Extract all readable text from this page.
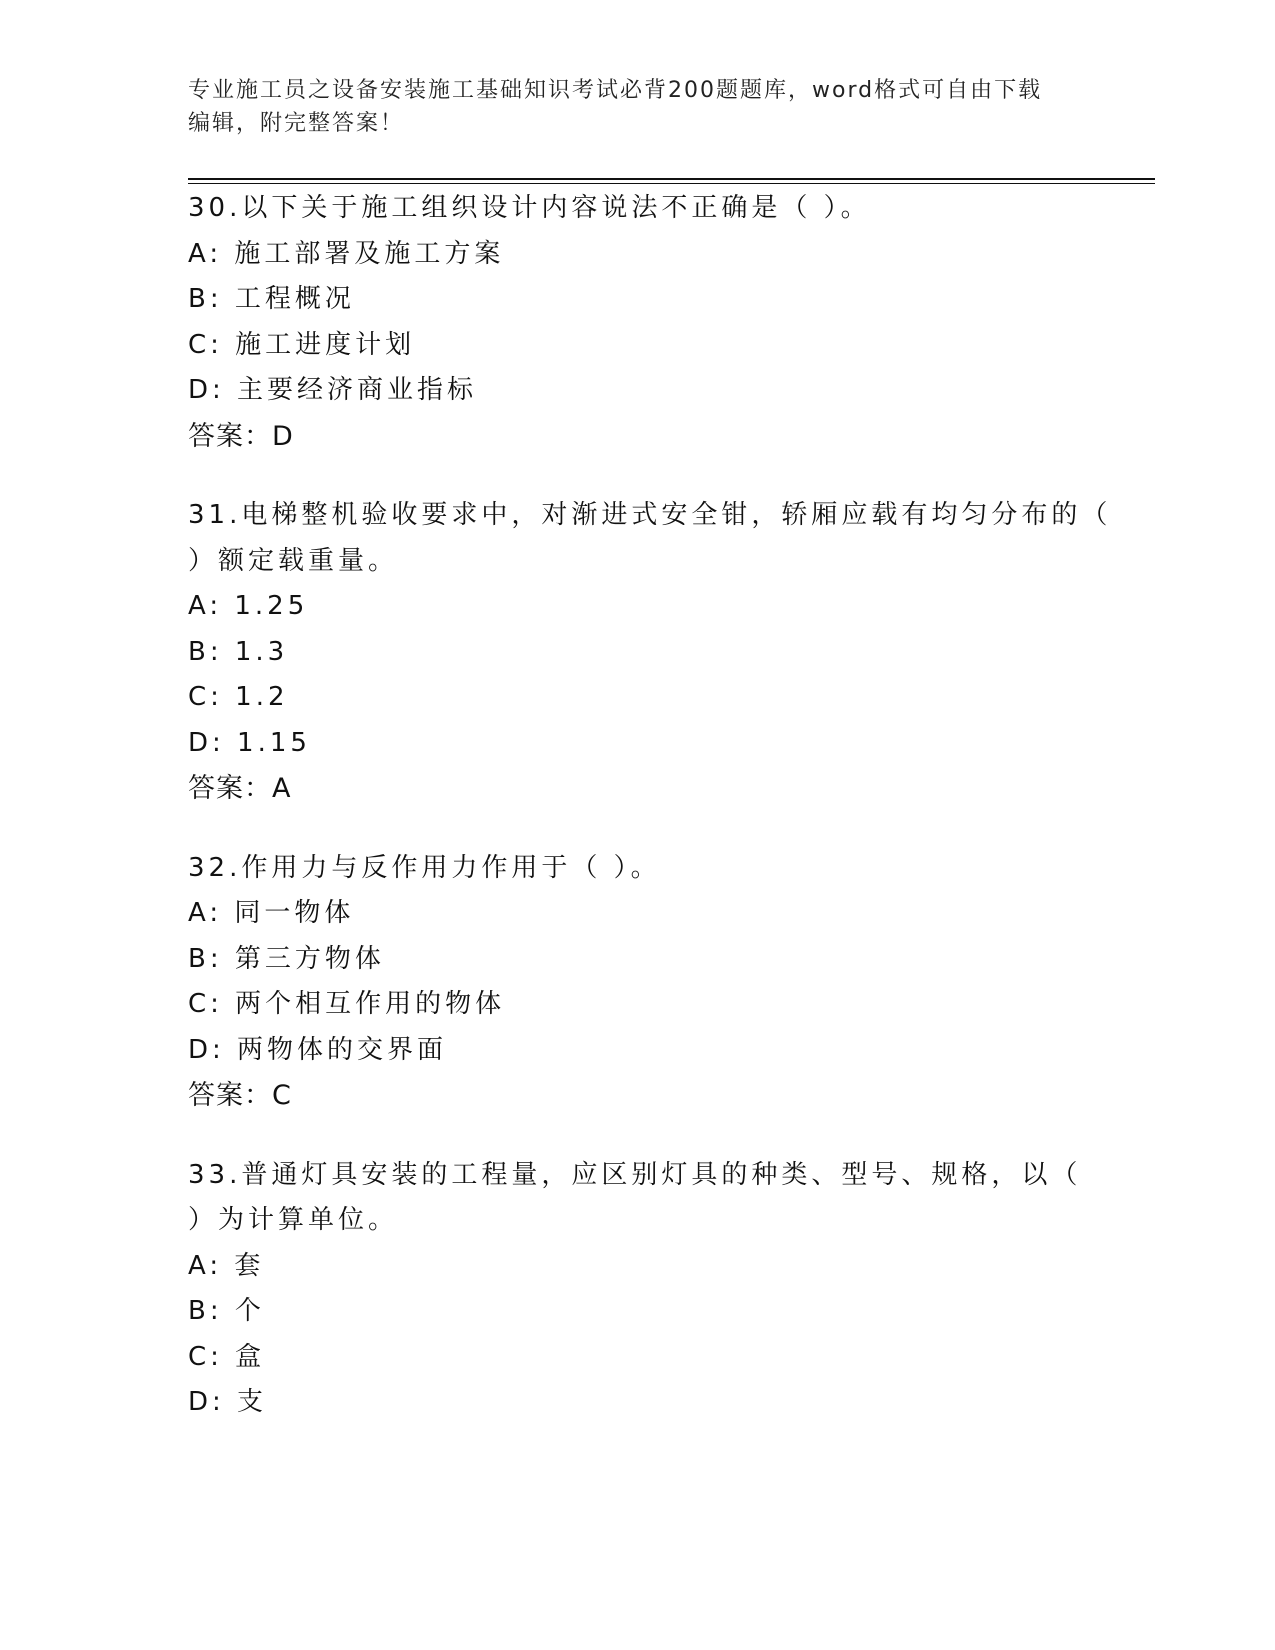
专业施工员之设备安装施工基础知识考试必背200题题库，word格式可自由下载
编辑，附完整答案！
30.以下关于施工组织设计内容说法不正确是（ ）。
A: 施工部署及施工方案
B: 工程概况
C: 施工进度计划
D: 主要经济商业指标
答案：D
31.电梯整机验收要求中，对渐进式安全钳，轿厢应载有均匀分布的（
）额定载重量。
A: 1.25
B: 1.3
C: 1.2
D: 1.15
答案：A
32.作用力与反作用力作用于（ ）。
A: 同一物体
B: 第三方物体
C: 两个相互作用的物体
D: 两物体的交界面
答案：C
33.普通灯具安装的工程量，应区别灯具的种类、型号、规格，以（
）为计算单位。
A: 套
B: 个
C: 盒
D: 支
